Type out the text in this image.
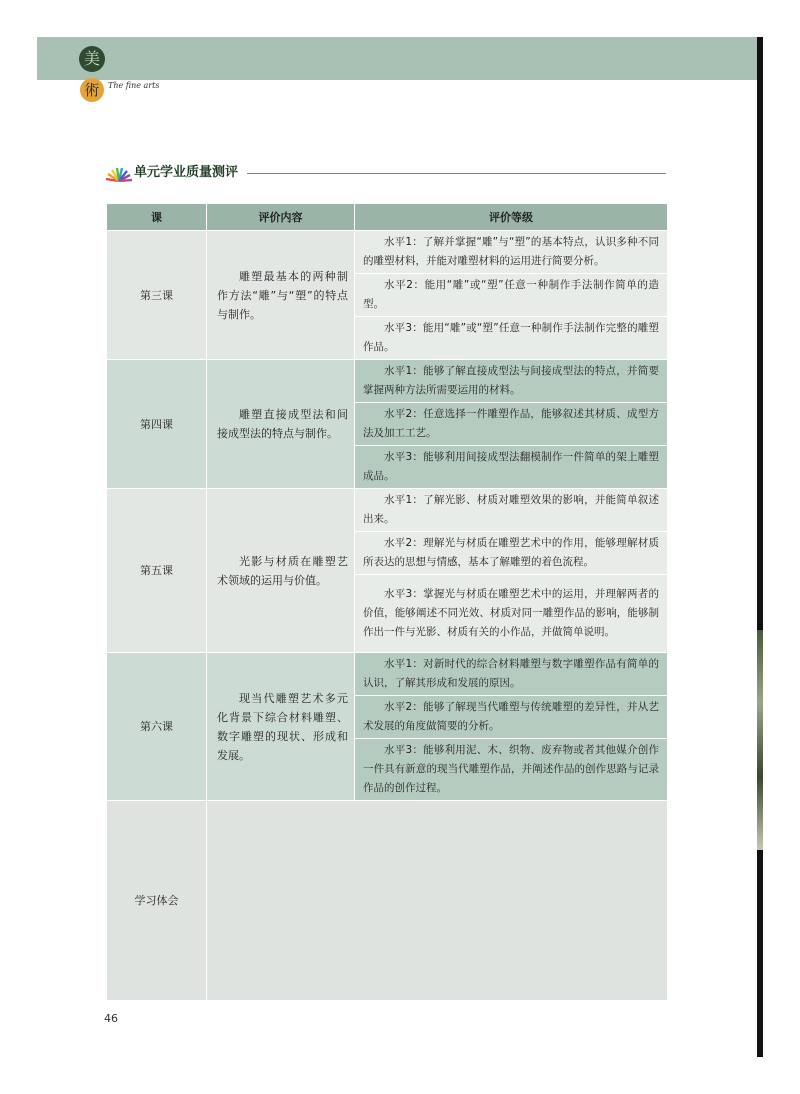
美
術	The fine arts
单元学业质量测评
课	评价内容	评价等级
第三课	雕塑最基本的两种制作方法“雕”与“塑”的特点与制作。	水平1：了解并掌握“雕”与“塑”的基本特点，认识多种不同的雕塑材料，并能对雕塑材料的运用进行简要分析。
		水平2：能用“雕”或“塑”任意一种制作手法制作简单的造型。
		水平3：能用“雕”或“塑”任意一种制作手法制作完整的雕塑作品。
第四课	雕塑直接成型法和间接成型法的特点与制作。	水平1：能够了解直接成型法与间接成型法的特点，并简要掌握两种方法所需要运用的材料。
		水平2：任意选择一件雕塑作品，能够叙述其材质、成型方法及加工工艺。
		水平3：能够利用间接成型法翻模制作一件简单的架上雕塑成品。
第五课	光影与材质在雕塑艺术领域的运用与价值。	水平1：了解光影、材质对雕塑效果的影响，并能简单叙述出来。
		水平2：理解光与材质在雕塑艺术中的作用，能够理解材质所表达的思想与情感，基本了解雕塑的着色流程。
		水平3：掌握光与材质在雕塑艺术中的运用，并理解两者的价值，能够阐述不同光效、材质对同一雕塑作品的影响，能够制作出一件与光影、材质有关的小作品，并做简单说明。
第六课	现当代雕塑艺术多元化背景下综合材料雕塑、数字雕塑的现状、形成和发展。	水平1：对新时代的综合材料雕塑与数字雕塑作品有简单的认识，了解其形成和发展的原因。
		水平2：能够了解现当代雕塑与传统雕塑的差异性，并从艺术发展的角度做简要的分析。
		水平3：能够利用泥、木、织物、废弃物或者其他媒介创作一件具有新意的现当代雕塑作品，并阐述作品的创作思路与记录作品的创作过程。
学习体会		
46
